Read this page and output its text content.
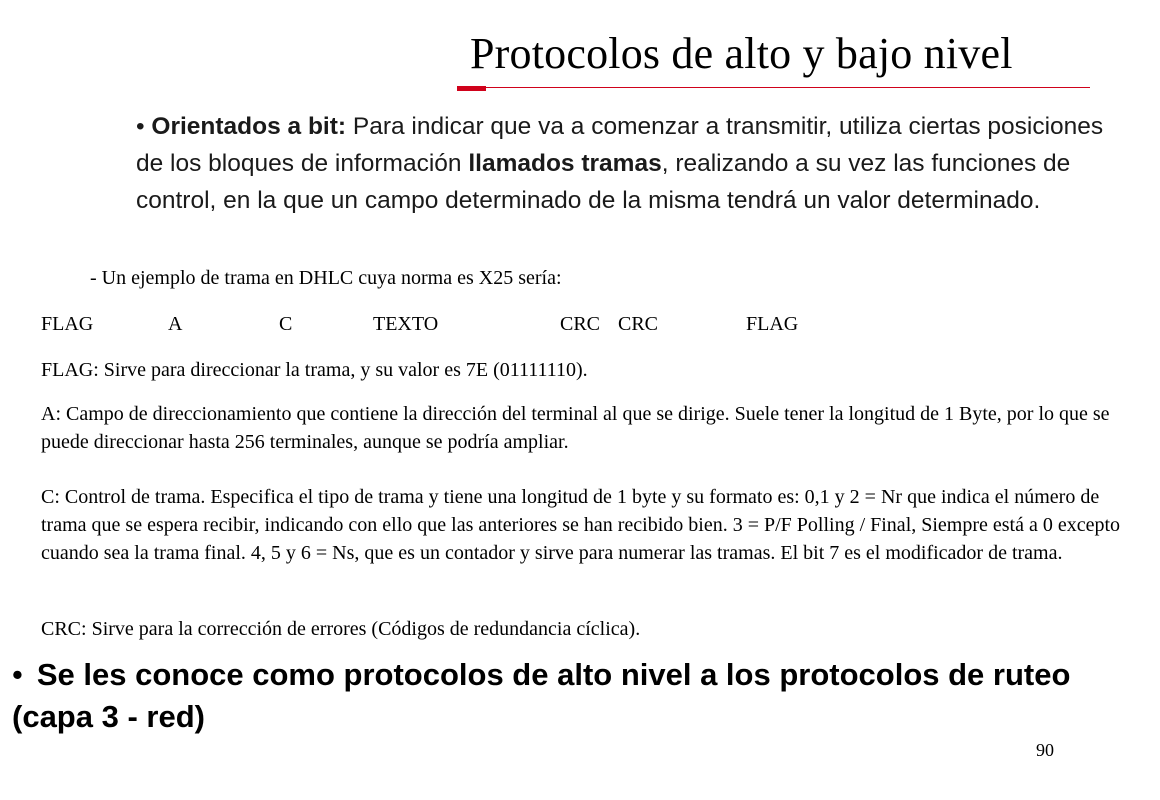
Protocolos de alto y bajo nivel
• Orientados a bit: Para indicar que va a comenzar a transmitir, utiliza ciertas posiciones de los bloques de información llamados tramas, realizando a su vez las funciones de control, en la que un campo determinado de la misma tendrá un valor determinado.
- Un ejemplo de trama en DHLC cuya norma es X25 sería:
FLAG	A	C	TEXTO	CRC CRC	FLAG
FLAG: Sirve para direccionar la trama, y su valor es 7E (01111110).
A: Campo de direccionamiento que contiene la dirección del terminal al que se dirige. Suele tener la longitud de 1 Byte, por lo que se puede direccionar hasta 256 terminales, aunque se podría ampliar.
C: Control de trama. Especifica el tipo de trama y tiene una longitud de 1 byte y su formato es: 0,1 y 2 = Nr que indica el número de trama que se espera recibir, indicando con ello que las anteriores se han recibido bien. 3 = P/F Polling / Final, Siempre está a 0 excepto cuando sea la trama final. 4, 5 y 6 = Ns, que es un contador y sirve para numerar las tramas. El bit 7 es el modificador de trama.
CRC: Sirve para la corrección de errores (Códigos de redundancia cíclica).
• Se les conoce como protocolos de alto nivel a los protocolos de ruteo (capa 3 - red)
90
